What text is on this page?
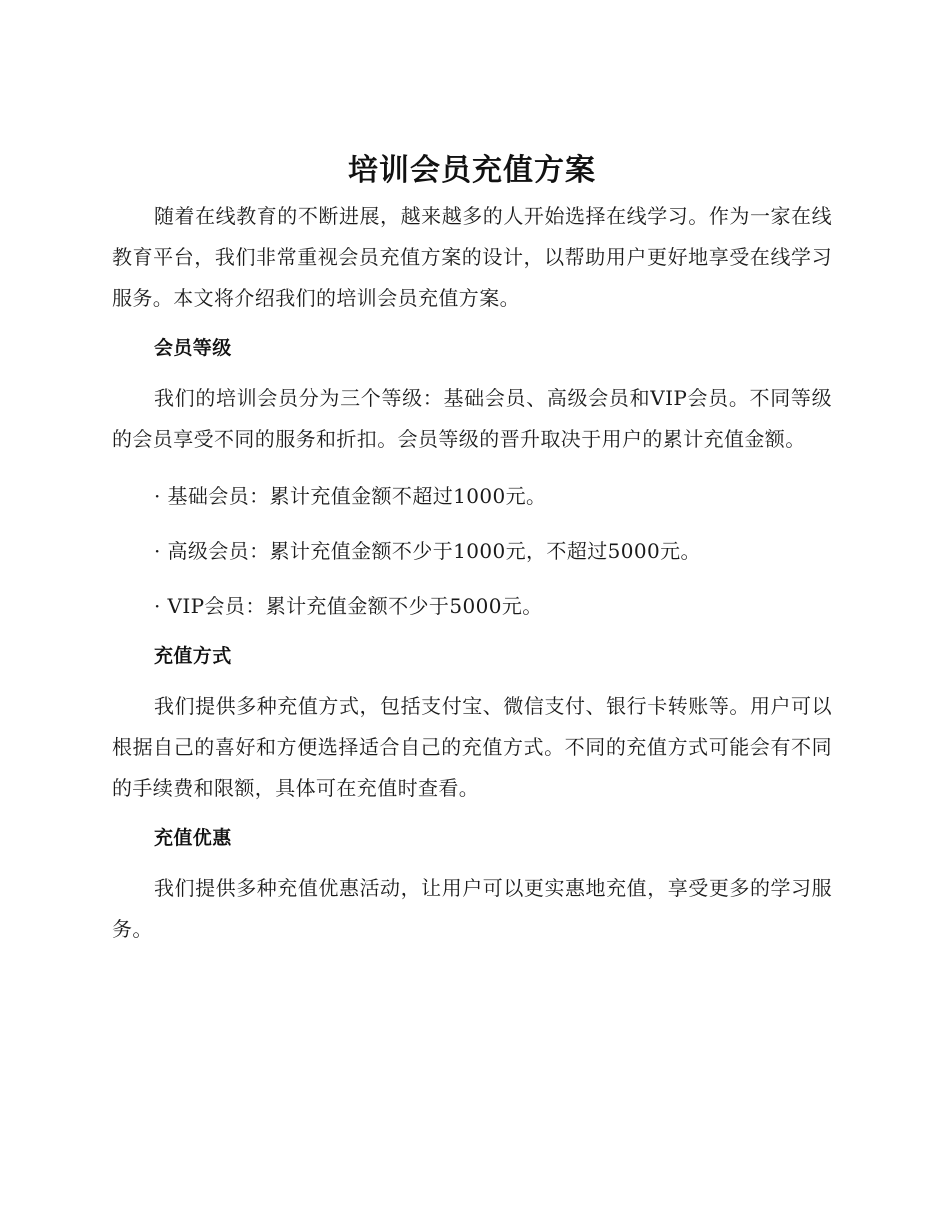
培训会员充值方案

随着在线教育的不断进展，越来越多的人开始选择在线学习。作为一家在线教育平台，我们非常重视会员充值方案的设计，以帮助用户更好地享受在线学习服务。本文将介绍我们的培训会员充值方案。

会员等级

我们的培训会员分为三个等级：基础会员、高级会员和VIP会员。不同等级的会员享受不同的服务和折扣。会员等级的晋升取决于用户的累计充值金额。

· 基础会员：累计充值金额不超过1000元。
· 高级会员：累计充值金额不少于1000元，不超过5000元。
· VIP会员：累计充值金额不少于5000元。
充值方式

我们提供多种充值方式，包括支付宝、微信支付、银行卡转账等。用户可以根据自己的喜好和方便选择适合自己的充值方式。不同的充值方式可能会有不同的手续费和限额，具体可在充值时查看。

充值优惠

我们提供多种充值优惠活动，让用户可以更实惠地充值，享受更多的学习服务。
